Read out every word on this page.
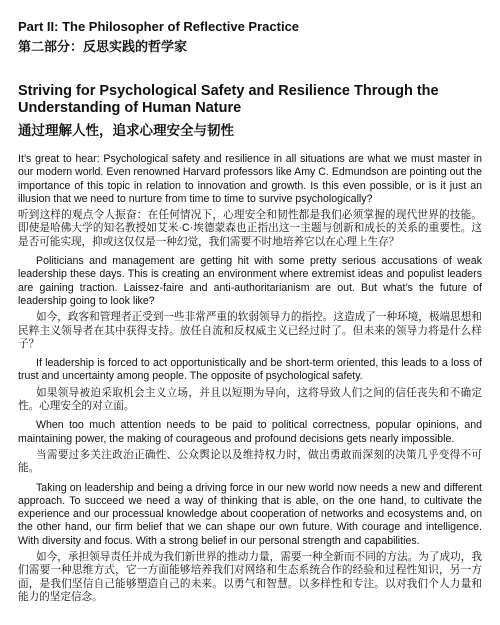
Part II: The Philosopher of Reflective Practice
第二部分：反思实践的哲学家
Striving for Psychological Safety and Resilience Through the Understanding of Human Nature
通过理解人性，追求心理安全与韧性

It’s great to hear: Psychological safety and resilience in all situations are what we must master in our modern world. Even renowned Harvard professors like Amy C. Edmundson are pointing out the importance of this topic in relation to innovation and growth. Is this even possible, or is it just an illusion that we need to nurture from time to time to survive psychologically?

听到这样的观点令人振奋：在任何情况下，心理安全和韧性都是我们必须掌握的现代世界的技能。即使是哈佛大学的知名教授如艾米·C·埃德蒙森也正指出这一主题与创新和成长的关系的重要性。这是否可能实现，抑或这仅仅是一种幻觉，我们需要不时地培养它以在心理上生存？

Politicians and management are getting hit with some pretty serious accusations of weak leadership these days. This is creating an environment where extremist ideas and populist leaders are gaining traction. Laissez-faire and anti-authoritarianism are out. But what’s the future of leadership going to look like?

如今，政客和管理者正受到一些非常严重的软弱领导力的指控。这造成了一种环境，极端思想和民粹主义领导者在其中获得支持。放任自流和反权威主义已经过时了。但未来的领导力将是什么样子？

If leadership is forced to act opportunistically and be short-term oriented, this leads to a loss of trust and uncertainty among people. The opposite of psychological safety.

如果领导被迫采取机会主义立场，并且以短期为导向，这将导致人们之间的信任丧失和不确定性。心理安全的对立面。

When too much attention needs to be paid to political correctness, popular opinions, and maintaining power, the making of courageous and profound decisions gets nearly impossible.

当需要过多关注政治正确性、公众舆论以及维持权力时，做出勇敢而深刻的决策几乎变得不可能。

Taking on leadership and being a driving force in our new world now needs a new and different approach. To succeed we need a way of thinking that is able, on the one hand, to cultivate the experience and our processual knowledge about cooperation of networks and ecosystems and, on the other hand, our firm belief that we can shape our own future. With courage and intelligence. With diversity and focus. With a strong belief in our personal strength and capabilities.

如今，承担领导责任并成为我们新世界的推动力量，需要一种全新而不同的方法。为了成功，我们需要一种思维方式，它一方面能够培养我们对网络和生态系统合作的经验和过程性知识，另一方面，是我们坚信自己能够塑造自己的未来。以勇气和智慧。以多样性和专注。以对我们个人力量和能力的坚定信念。
